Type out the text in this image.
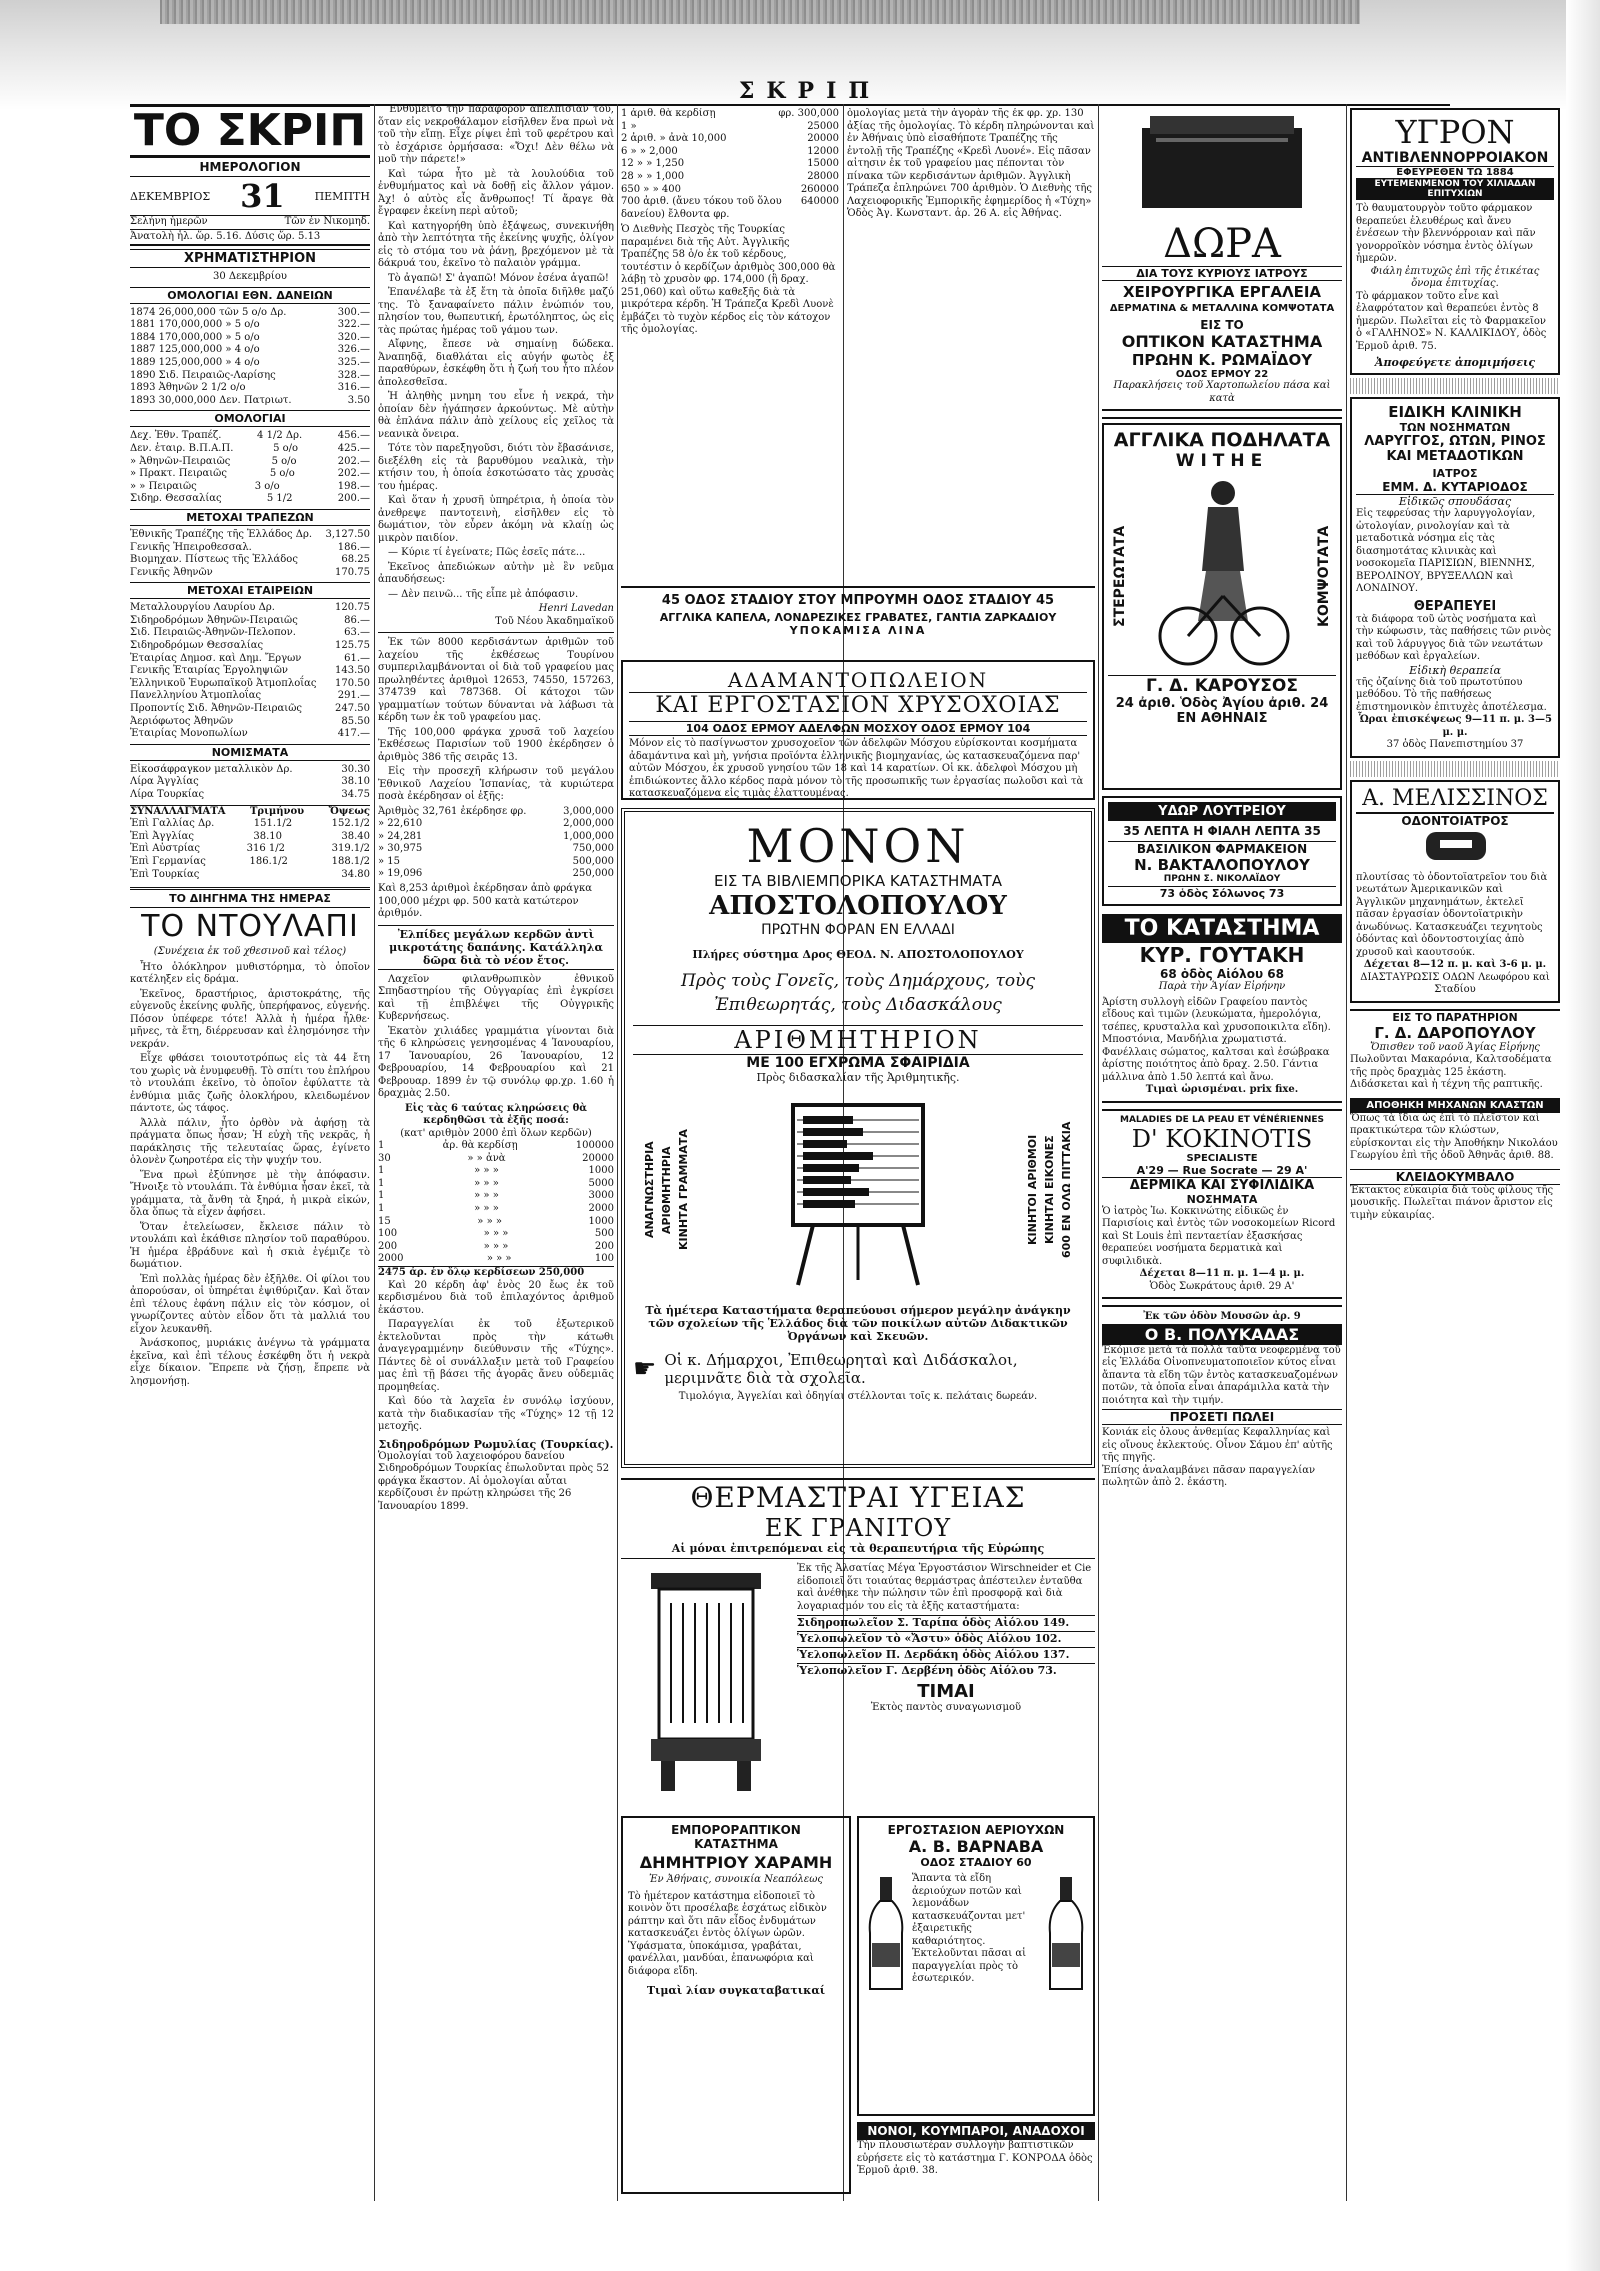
ΣΚΡΙΠ
ΤΟ ΣΚΡΙΠ
ΗΜΕΡΟΛΟΓΙΟΝ
ΔΕΚΕΜΒΡΙΟΣ 31	ΠΕΜΠΤΗ
Σελήνη ἡμερῶν	Τῶν ἐν Νικομηδ.
Ἀνατολὴ ἡλ. ὥρ. 5.16. Δύσις ὥρ. 5.13
ΧΡΗΜΑΤΙΣΤΗΡΙΟΝ
30 Δεκεμβρίου
ΟΜΟΛΟΓΙΑΙ ΕΘΝ. ΔΑΝΕΙΩΝ
1874 26,000,000 τῶν 5 ο/ο Δρ.	300.—
1881 170,000,000 » 5 ο/ο	322.—
1884 170,000,000 » 5 ο/ο	320.—
1887 125,000,000 » 4 ο/ο	326.—
1889 125,000,000 » 4 ο/ο	325.—
1890 Σιδ. Πειραιῶς-Λαρίσης	328.—
1893 Ἀθηνῶν 2 1/2 ο/ο	316.—
1893 30,000,000 Δεν. Πατριωτ.	3.50
ΟΜΟΛΟΓΙΑΙ
Δεχ. Ἐθν. Τραπέζ.	4 1/2 Δρ.	456.—
Δεν. ἑταιρ. Β.Π.Α.Π.	5 ο/ο	425.—
» Ἀθηνῶν-Πειραιῶς	5 ο/ο	202.—
» Πρακτ. Πειραιῶς	5 ο/ο	202.—
» » Πειραιῶς	3 ο/ο	198.—
Σιδηρ. Θεσσαλίας	5 1/2	200.—
ΜΕΤΟΧΑΙ ΤΡΑΠΕΖΩΝ
Ἐθνικῆς Τραπέζης τῆς Ἑλλάδος Δρ. 3,127.50
Γενικῆς Ἠπειροθεσσαλ.	186.—
Βιομηχαν. Πίστεως τῆς Ἑλλάδος	68.25
Γενικῆς Ἀθηνῶν	170.75
ΜΕΤΟΧΑΙ ΕΤΑΙΡΕΙΩΝ
Μεταλλουργίου Λαυρίου Δρ.	120.75
Σιδηροδρόμων Ἀθηνῶν-Πειραιῶς	86.—
Σιδ. Πειραιῶς-Ἀθηνῶν-Πελοπον.	63.—
Σιδηροδρόμων Θεσσαλίας	125.75
Ἐταιρίας Δημοσ. καὶ Δημ. Ἔργων	61.—
Γενικῆς Ἐταιρίας Ἐργοληψιῶν	143.50
Ἑλληνικοῦ Ἐυρωπαϊκοῦ Ἀτμοπλοΐας 170.50
Πανελληνίου Ἀτμοπλοΐας	291.—
Προποντίς Σιδ. Ἀθηνῶν-Πειραιῶς	247.50
Ἀεριόφωτος Ἀθηνῶν	85.50
Ἐταιρίας Μονοπωλίων	417.—
ΝΟΜΙΣΜΑΤΑ
Εἰκοσάφραγκον μεταλλικὸν Δρ.	30.30
Λίρα Ἀγγλίας	38.10
Λίρα Τουρκίας	34.75
ΣΥΝΑΛΛΑΓΜΑΤΑ Τριμήνου Ὄψεως
Ἐπὶ Γαλλίας Δρ.	151.1/2	152.1/2
Ἐπὶ Ἀγγλίας	38.10	38.40
Ἐπὶ Αὐστρίας	316 1/2	319.1/2
Ἐπὶ Γερμανίας	186.1/2	188.1/2
Ἐπὶ Τουρκίας	34.80
ΤΟ ΔΙΗΓΗΜΑ ΤΗΣ ΗΜΕΡΑΣ
ΤΟ ΝΤΟΥΛΑΠΙ
(Συνέχεια ἐκ τοῦ χθεσινοῦ καὶ τέλος)
Ἦτο ὁλόκληρον μυθιστόρημα, τὸ ὁποῖον κατέληξεν εἰς δράμα.
Ἐκεῖνος, δραστήριος, ἀριστοκράτης, τῆς εὐγενοῦς ἐκείνης φυλῆς, ὑπερήφανος, εὐγενής. Πόσον ὑπέφερε τότε! Ἀλλὰ ἡ ἡμέρα ἦλθε· μῆνες, τὰ ἔτη, διέρρευσαν καὶ ἐλησμόνησε τὴν νεκράν.
Εἶχε φθάσει τοιουτοτρόπως εἰς τὰ 44 ἔτη του χωρὶς νὰ ἐνυμφευθῇ. Τὸ σπίτι του ἐπλήρου τὸ ντουλάπι ἐκεῖνο, τὸ ὁποῖον ἐφύλαττε τὰ ἐνθύμια μιᾶς ζωῆς ὁλοκλήρου, κλειδωμένον πάντοτε, ὡς τάφος.
Ἀλλὰ πάλιν, ἦτο ὀρθὸν νὰ ἀφήσῃ τὰ πράγματα ὅπως ἦσαν; Ἡ εὐχὴ τῆς νεκρᾶς, ἡ παράκλησις τῆς τελευταίας ὥρας, ἐγίνετο ὁλονὲν ζωηροτέρα εἰς τὴν ψυχήν του.
Ἕνα πρωὶ ἐξύπνησε μὲ τὴν ἀπόφασιν. Ἤνοιξε τὸ ντουλάπι. Τὰ ἐνθύμια ἦσαν ἐκεῖ, τὰ γράμματα, τὰ ἄνθη τὰ ξηρά, ἡ μικρὰ εἰκών, ὅλα ὅπως τὰ εἶχεν ἀφήσει.
Ὅταν ἐτελείωσεν, ἔκλεισε πάλιν τὸ ντουλάπι καὶ ἐκάθισε πλησίον τοῦ παραθύρου. Ἡ ἡμέρα ἐβράδυνε καὶ ἡ σκιὰ ἐγέμιζε τὸ δωμάτιον.
Ἐπὶ πολλὰς ἡμέρας δὲν ἐξῆλθε. Οἱ φίλοι του ἀπορούσαν, οἱ ὑπηρέται ἐψιθύριζαν. Καὶ ὅταν ἐπὶ τέλους ἐφάνη πάλιν εἰς τὸν κόσμον, οἱ γνωρίζοντες αὐτὸν εἶδον ὅτι τὰ μαλλιά του εἶχον λευκανθῆ.
Ἀνάσκοπος, μυριάκις ἀνέγνω τὰ γράμματα ἐκεῖνα, καὶ ἐπὶ τέλους ἐσκέφθη ὅτι ἡ νεκρὰ εἶχε δίκαιον. Ἔπρεπε νὰ ζήσῃ, ἔπρεπε νὰ λησμονήσῃ.
Ἐνθυμεῖτο τὴν παράφορον ἀπελπισίαν του, ὅταν εἰς νεκροθάλαμον εἰσῆλθεν ἕνα πρωὶ νὰ τοῦ τὴν εἴπῃ. Εἶχε ρίψει ἐπὶ τοῦ φερέτρου καὶ τὸ ἐσχάρισε ὁρμήσασα: «Ὄχι! Δὲν θέλω νὰ μοῦ τὴν πάρετε!»
Καὶ τώρα ἦτο μὲ τὰ λουλούδια τοῦ ἐνθυμήματος καὶ νὰ δοθῇ εἰς ἄλλον γάμον. Ἀχ! ὁ αὐτὸς εἶς ἄνθρωπος! Τί ἄραγε θὰ ἔγραφεν ἐκείνη περὶ αὐτοῦ;
Καὶ κατηγορήθη ὑπὸ ἐξάψεως, συνεκινήθη ἀπὸ τὴν λεπτότητα τῆς ἐκείνης ψυχῆς, ὀλίγον εἰς τὸ στόμα του νὰ ῥάνῃ, βρεχόμενον μὲ τὰ δάκρυά του, ἐκεῖνο τὸ παλαιὸν γράμμα.
Τὸ ἀγαπῶ! Σ' ἀγαπῶ! Μόνον ἐσένα ἀγαπῶ!
Ἐπανέλαβε τὰ ἐξ ἔτη τὰ ὁποῖα διῆλθε μαζύ της. Τὸ ξαναφαίνετο πάλιν ἐνώπιόν του, πλησίον του, θωπευτική, ἐρωτόληπτος, ὡς εἰς τὰς πρώτας ἡμέρας τοῦ γάμου των.
Αἴφνης, ἔπεσε νὰ σημαίνῃ δώδεκα. Ἀναπηδᾷ, διαθλάται εἰς αὐγήν φωτὸς ἐξ παραθύρων, ἐσκέφθη ὅτι ἡ ζωή του ἦτο πλέον ἀπολεσθεῖσα.
Ἡ ἀληθὴς μνημη του εἶνε ἡ νεκρά, τὴν ὁποίαν δὲν ἠγάπησεν ἀρκούντως. Μὲ αὐτὴν θὰ ἐπλάνα πάλιν ἀπὸ χείλους εἰς χεῖλος τὰ νεανικὰ ὄνειρα.
Τότε τὸν παρεξηγοῦσι, διότι τὸν ἔβασάνισε, διεξέλθη εἰς τὰ βαρυθύμου νεαλικὰ, τὴν κτήσιν του, ἡ ὁποία ἐσκοτώσατο τὰς χρυσὰς του ἡμέρας.
Καὶ ὅταν ἡ χρυσῆ ὑπηρέτρια, ἡ ὁποία τὸν ἀνεθρεψε παντοτεινὴ, εἰσῆλθεν εἰς τὸ δωμάτιον, τὸν εὗρεν ἀκόμη νὰ κλαίῃ ὡς μικρὸν παιδίον.
— Κύριε τί ἐγείνατε; Πῶς ἐσεῖς πάτε...
Ἐκεῖνος ἀπεδιώκων αὐτὴν μὲ ἓν νεῦμα ἀπαυδήσεως:
— Δὲν πεινῶ... τῆς εἶπε μὲ ἀπόφασιν.
Henri Lavedan
Τοῦ Νέου Ἀκαδημαϊκοῦ
Ἐκ τῶν 8000 κερδισάντων ἀριθμῶν τοῦ λαχείου τῆς ἐκθέσεως Τουρίνου συμπεριλαμβάνονται οἱ διὰ τοῦ γραφείου μας πρωληθέντες ἀριθμοὶ 12653, 74550, 157263, 374739 καὶ 787368. Οἱ κάτοχοι τῶν γραμματίων τούτων δύνανται νὰ λάβωσι τὰ κέρδη των ἐκ τοῦ γραφείου μας.
Τῆς 100,000 φράγκα χρυσᾶ τοῦ λαχείου Ἐκθέσεως Παρισίων τοῦ 1900 ἐκέρδησεν ὁ ἀριθμὸς 386 τῆς σειρᾶς 13.
Εἰς τὴν προσεχῆ κλήρωσιν τοῦ μεγάλου Ἐθνικοῦ Λαχείου Ἰσπανίας, τὰ κυριώτερα ποσὰ ἐκέρδησαν οἱ ἑξῆς:
Ἀριθμὸς 32,761 ἐκέρδησε φρ.	3,000,000
» 22,610	2,000,000
» 24,281	1,000,000
» 30,975	750,000
» 15	500,000
» 19,096	250,000
Καὶ 8,253 ἀριθμοὶ ἐκέρδησαν ἀπὸ φράγκα 100,000 μέχρι φρ. 500 κατὰ κατώτερον ἀριθμόν.
Ἐλπίδες μεγάλων κερδῶν ἀντὶ μικροτάτης δαπάνης. Κατάλληλα δῶρα διὰ τὸ νέον ἔτος.
Λαχεῖον φιλανθρωπικὸν ἐθνικοῦ Σπηδαστηρίου τῆς Οὐγγαρίας ἐπὶ ἐγκρίσει καὶ τῇ ἐπιβλέψει τῆς Οὐγγρικῆς Κυβερνήσεως.
Ἑκατὸν χιλιάδες γραμμάτια γίνονται διὰ τῆς 6 κληρώσεις γενησομένας 4 Ἰανουαρίου, 17 Ἰανουαρίου, 26 Ἰανουαρίου, 12 Φεβρουαρίου, 14 Φεβρουαρίου καὶ 21 Φεβρουαρ. 1899 ἐν τῷ συνόλῳ φρ.χρ. 1.60 ἡ δραχμὰς 2.50.
Εἰς τὰς 6 ταύτας κληρώσεις θὰ κερδηθῶσι τὰ ἑξῆς ποσά:
(κατ' αριθμὸν 2000 ἐπὶ ὅλων κερδῶν)
1	ἀρ. θὰ κερδίσῃ	100000
30	» » ἀνὰ	20000
1	» » »	1000
1	» » »	5000
1	» » »	3000
1	» » »	2000
15	» » »	1000
100	» » »	500
200	» » »	200
2000	» » »	100
2475 ἀρ. ἐν ὅλῳ κερδίσεων 250,000
Καὶ 20 κέρδη ἀφ' ἑνὸς 20 ἔως ἐκ τοῦ κερδισμένου διὰ τοῦ ἐπιλαχόντος ἀριθμοῦ ἐκάστου.
Παραγγελίαι ἐκ τοῦ ἐξωτερικοῦ ἐκτελοῦνται πρὸς τὴν κάτωθι ἀναγεγραμμένην διεύθυνσιν τῆς «Τύχης». Πάντες δὲ οἱ συνάλλαξιν μετὰ τοῦ Γραφείου μας ἐπὶ τῇ βάσει τῆς ἀγορᾶς ἄνευ οὐδεμιᾶς προμηθείας.
Καὶ δύο τὰ λαχεῖα ἐν συνόλῳ ἰσχύουν, κατὰ τὴν διαδικασίαν τῆς «Τύχης» 12 τῇ 12 μετοχῆς.
Σιδηροδρόμων Ρωμυλίας (Τουρκίας).
Ὁμολογίαι τοῦ λαχειοφόρου δανείου Σιδηροδρόμων Τουρκίας ἐπωλοῦνται πρὸς 52 φράγκα ἕκαστον. Αἱ ὁμολογίαι αὗται κερδίζουσι ἐν πρώτῃ κληρώσει τῆς 26 Ἰανουαρίου 1899.
1 ἀριθ. θὰ κερδίσῃ	φρ. 300,000
1 »	25000
2 ἀριθ. » ἀνὰ 10,000	20000
6 » » 2,000	12000
12 » » 1,250	15000
28 » » 1,000	28000
650 » » 400	260000
700 ἀριθ. (ἄνευ τόκου τοῦ ὅλου δανείου) ἔλθοντα φρ.
640000
Ὁ Διεθνὴς Πεσχὸς τῆς Τουρκίας παραμένει διὰ τῆς Αὐτ. Ἀγγλικῆς Τραπέζης 58 ὁ/ο ἐκ τοῦ κέρδους, τουτέστιν ὁ κερδίζων ἀριθμὸς 300,000 θὰ λάβῃ τὸ χρυσὸν φρ. 174,000 (ἢ δραχ. 251,060) καὶ οὕτω καθεξῆς διὰ τὰ μικρότερα κέρδη. Ἡ Τράπεζα Κρεδὶ Λυονὲ ἐμβάζει τὸ τυχὸν κέρδος εἰς τὸν κάτοχον τῆς ὁμολογίας.
ὁμολογίας μετὰ τὴν ἀγορὰν τῆς ἐκ φρ. χρ. 130 ἀξίας τῆς ὁμολογίας. Τὸ κέρδη πληρώνονται καὶ ἐν Ἀθήναις ὑπὸ εἰσαθήποτε Τραπέζης τῆς ἐντολῇ τῆς Τραπέζης «Κρεδὶ Λυονέ». Εἰς πᾶσαν αἰτησιν ἐκ τοῦ γραφείου μας πέπονται τὸν πίνακα τῶν κερδισάντων ἀριθμῶν. Ἀγγλικὴ Τράπεζα ἐπληρώνει 700 ἀριθμὸν. Ὁ Διεθνὴς τῆς Λαχειοφορικῆς Ἐμπορικῆς ἐφημερίδος ἡ «Τύχη» Ὁδὸς Ἀγ. Κωνσταντ. ἀρ. 26 Α. εἰς Ἀθήνας.
45 ΟΔΟΣ ΣΤΑΔΙΟΥ ΣΤΟΥ ΜΠΡΟΥΜΗ ΟΔΟΣ ΣΤΑΔΙΟΥ 45
ΑΓΓΛΙΚΑ ΚΑΠΕΛΑ, ΛΟΝΔΡΕΖΙΚΕΣ ΓΡΑΒΑΤΕΣ, ΓΑΝΤΙΑ ΖΑΡΚΑΔΙΟΥ
ΥΠΟΚΑΜΙΣΑ ΛΙΝΑ
ΑΔΑΜΑΝΤΟΠΩΛΕΙΟΝ
ΚΑΙ ΕΡΓΟΣΤΑΣΙΟΝ ΧΡΥΣΟΧΟΙΑΣ
104 ΟΔΟΣ ΕΡΜΟΥ ΑΔΕΛΦΩΝ ΜΟΣΧΟΥ ΟΔΟΣ ΕΡΜΟΥ 104
Μόνον εἰς τὸ πασίγνωστον χρυσοχοεῖον τῶν ἀδελφῶν Μόσχου εὑρίσκονται κοσμήματα ἀδαμάντινα καὶ μὴ, γνήσια προϊόντα ἑλληνικῆς βιομηχανίας, ὡς κατασκευαζόμενα παρ' αὐτῶν Μόσχου, ἐκ χρυσοῦ γνησίου τῶν 18 καὶ 14 καρατίων. Οἱ κκ. ἀδελφοὶ Μόσχου μὴ ἐπιδιώκοντες ἄλλο κέρδος παρὰ μόνον τὸ τῆς προσωπικῆς των ἐργασίας πωλοῦσι καὶ τὰ κατασκευαζόμενα εἰς τιμὰς ἐλαττουμένας.
ΜΟΝΟΝ
ΕΙΣ ΤΑ ΒΙΒΛΙΕΜΠΟΡΙΚΑ ΚΑΤΑΣΤΗΜΑΤΑ
ΑΠΟΣΤΟΛΟΠΟΥΛΟΥ
ΠΡΩΤΗΝ ΦΟΡΑΝ ΕΝ ΕΛΛΑΔΙ
Πλήρες σύστημα Δρος ΘΕΟΔ. Ν. ΑΠΟΣΤΟΛΟΠΟΥΛΟΥ
Πρὸς τοὺς Γονεῖς, τοὺς Δημάρχους, τοὺς Ἐπιθεωρητάς, τοὺς Διδασκάλους
ΑΡΙΘΜΗΤΗΡΙΟΝ
ΜΕ 100 ΕΓΧΡΩΜΑ ΣΦΑΙΡΙΔΙΑ
Πρὸς διδασκαλίαν τῆς Ἀριθμητικῆς.
ΑΝΑΓΝΩΣΤΗΡΙΑ ΑΡΙΘΜΗΤΗΡΙΑ ΚΙΝΗΤΑ ΓΡΑΜΜΑΤΑ	ΚΙΝΗΤΟΙ ΑΡΙΘΜΟΙ ΚΙΝΗΤΑΙ ΕΙΚΟΝΕΣ 600 ΕΝ ΟΛΩ ΠΙΤΤΑΚΙΑ
Τὰ ἡμέτερα Καταστήματα θεραπεύουσι σήμερον μεγάλην ἀνάγκην τῶν σχολείων τῆς Ἑλλάδος διὰ τῶν ποικίλων αὐτῶν Διδακτικῶν Ὀργάνων καὶ Σκευῶν.
☛ Οἱ κ. Δήμαρχοι, Ἐπιθεωρηταὶ καὶ Διδάσκαλοι, μεριμνᾶτε διὰ τὰ σχολεῖα.
Τιμολόγια, Ἀγγελίαι καὶ ὁδηγίαι στέλλονται τοῖς κ. πελάταις δωρεάν.
ΘΕΡΜΑΣΤΡΑΙ ΥΓΕΙΑΣ
ΕΚ ΓΡΑΝΙΤΟΥ
Αἱ μόναι ἐπιτρεπόμεναι εἰς τὰ θεραπευτήρια τῆς Εὐρώπης
Ἐκ τῆς Ἀλσατίας Μέγα Ἐργοστάσιον Wirschneider et Cie εἰδοποιεῖ ὅτι τοιαύτας θερμάστρας ἀπέστειλεν ἐνταῦθα καὶ ἀνέθηκε τὴν πώλησιν τῶν ἐπὶ προσφορᾷ καὶ διὰ λογαριασμόν του εἰς τὰ ἑξῆς καταστήματα:
Σιδηροπωλεῖον Σ. Ταρίπα ὁδὸς Αἰόλου 149.
Ὑελοπωλεῖον τὸ «Ἄστυ» ὁδὸς Αἰόλου 102.
Ὑελοπωλεῖον Π. Δερδάκη ὁδὸς Αἰόλου 137.
Ὑελοπωλεῖον Γ. Δερβένη ὁδὸς Αἰόλου 73.
ΤΙΜΑΙ
Ἐκτὸς παντὸς συναγωνισμοῦ
ΕΜΠΟΡΟΡΑΠΤΙΚΟΝ ΚΑΤΑΣΤΗΜΑ
ΔΗΜΗΤΡΙΟΥ ΧΑΡΑΜΗ
Ἐν Ἀθήναις, συνοικία Νεαπόλεως
Τὸ ἡμέτερον κατάστημα εἰδοποιεῖ τὸ κοινὸν ὅτι προσέλαβε ἐσχάτως εἰδικὸν ράπτην καὶ ὅτι πᾶν εἶδος ἐνδυμάτων κατασκευάζει ἐντὸς ὀλίγων ὡρῶν. Ὑφάσματα, ὑποκάμισα, γραβάται, φανέλλαι, μανδύαι, ἐπανωφόρια καὶ διάφορα εἴδη.
Τιμαὶ λίαν συγκαταβατικαί
ΕΡΓΟΣΤΑΣΙΟΝ ΑΕΡΙΟΥΧΩΝ
Α. Β. ΒΑΡΝΑΒΑ
ΟΔΟΣ ΣΤΑΔΙΟΥ 60
Ἅπαντα τὰ εἴδη ἀεριούχων ποτῶν καὶ λεμονάδων κατασκευάζονται μετ' ἐξαιρετικῆς καθαριότητος. Ἐκτελοῦνται πᾶσαι αἱ παραγγελίαι πρὸς τὸ ἐσωτερικόν.
ΝΟΝΟΙ, ΚΟΥΜΠΑΡΟΙ, ΑΝΑΔΟΧΟΙ
Τὴν πλουσιωτέραν συλλογὴν βαπτιστικῶν εὑρήσετε εἰς τὸ κατάστημα Γ. ΚΟΝΡΟΔΑ ὁδὸς Ἑρμοῦ ἀριθ. 38.
ΔΩΡΑ
ΔΙΑ ΤΟΥΣ ΚΥΡΙΟΥΣ ΙΑΤΡΟΥΣ
ΧΕΙΡΟΥΡΓΙΚΑ ΕΡΓΑΛΕΙΑ
ΔΕΡΜΑΤΙΝΑ & ΜΕΤΑΛΛΙΝΑ ΚΟΜΨΟΤΑΤΑ
ΕΙΣ ΤΟ
ΟΠΤΙΚΟΝ ΚΑΤΑΣΤΗΜΑ
ΠΡΩΗΝ Κ. ΡΩΜΑΪΔΟΥ
ΟΔΟΣ ΕΡΜΟΥ 22
Παρακλήσεις τοῦ Χαρτοπωλείου πάσα καὶ κατὰ
ΑΓΓΛΙΚΑ ΠΟΔΗΛΑΤΑ
WITHE
ΣΤΕΡΕΩΤΑΤΑ	ΚΟΜΨΟΤΑΤΑ
Γ. Δ. ΚΑΡΟΥΣΟΣ
24 ἀριθ. Ὁδὸς Ἀγίου ἀριθ. 24
ΕΝ ΑΘΗΝΑΙΣ
ΥΔΩΡ ΛΟΥΤΡΕΙΟΥ
35 ΛΕΠΤΑ Η ΦΙΑΛΗ ΛΕΠΤΑ 35
ΒΑΣΙΛΙΚΟΝ ΦΑΡΜΑΚΕΙΟΝ
Ν. ΒΑΚΤΑΛΟΠΟΥΛΟΥ
ΠΡΩΗΝ Σ. ΝΙΚΟΛΑΪΔΟΥ
73 ὁδὸς Σόλωνος 73
ΤΟ ΚΑΤΑΣΤΗΜΑ
ΚΥΡ. ΓΟΥΤΑΚΗ
68 ὁδὸς Αἰόλου 68
Παρὰ τὴν Ἁγίαν Εἰρήνην
Ἀρίστη συλλογὴ εἰδῶν Γραφείου παντὸς εἴδους καὶ τιμῶν (λευκώματα, ἡμερολόγια, τσέπες, κρυσταλλα καὶ χρυσοποικιλτα εἴδη). Μποστόνια, Μανδήλια χρωματιστά. Φανέλλαις σώματος, καλτσαι καὶ ἐσώβρακα ἀρίστης ποιότητος ἀπὸ δραχ. 2.50. Γάντια μάλλινα ἀπὸ 1.50 λεπτά καὶ ἄνω.
Τιμαὶ ὡρισμέναι. prix fixe.
MALADIES DE LA PEAU ET VÉNÉRIENNES
D' KOKINOTIS
SPECIALISTE
Α'29 — Rue Socrate — 29 Α'
ΔΕΡΜΙΚΑ ΚΑΙ ΣΥΦΙΛΙΔΙΚΑ
ΝΟΣΗΜΑΤΑ
Ὁ ἰατρὸς Ἰω. Κοκκινώτης εἰδικῶς ἐν Παρισίοις καὶ ἐντὸς τῶν νοσοκομείων Ricord καὶ St Louis ἐπὶ πενταετίαν ἐξασκήσας θεραπεύει νοσήματα δερματικὰ καὶ συφιλιδικὰ.
Δέχεται 8—11 π. μ. 1—4 μ. μ.
Ὁδὸς Σωκράτους ἀριθ. 29 Α'
Ἐκ τῶν ὁδὸν Μουσῶν ἀρ. 9
Ο Β. ΠΟΛΥΚΑΔΑΣ
Ἐκόμισε μετὰ τὰ πολλὰ ταῦτα νεοφερμένα τοῦ εἰς Ἑλλάδα Οἰνοπνευματοποιεῖον κύτος εἶναι ἄπαντα τὰ εἴδη τῶν ἐντὸς κατασκευαζομένων ποτῶν, τὰ ὁποῖα εἶναι ἀπαράμιλλα κατὰ τὴν ποιότητα καὶ τὴν τιμήν.
ΠΡΟΣΕΤΙ ΠΩΛΕΙ
Κονιάκ εἰς ὁλους ἀνθεμίας Κεφαλληνίας καὶ εἰς οἴνους ἐκλεκτούς. Οἶνον Σάμου ἐπ' αὐτῆς τῆς πηγῆς.
Ἐπίσης ἀναλαμβάνει πᾶσαν παραγγελίαν πωλητῶν ἀπὸ 2. ἐκάστη.
ΥΓΡΟΝ
ΑΝΤΙΒΛΕΝΝΟΡΡΟΙΑΚΟΝ
ΕΦΕΥΡΕΘΕΝ ΤΩ 1884
ΕΥΤΕΜΕΝΜΕΝΟΝ ΤΟΥ ΧΙΛΙΑΔΑΝ ΕΠΙΤΥΧΙΩΝ
Τὸ θαυματουργὸν τοῦτο φάρμακον θεραπεύει ἐλευθέρως καὶ ἄνευ ἐνέσεων τὴν βλεννόρροιαν καὶ πᾶν γονορροϊκὸν νόσημα ἐντὸς ὀλίγων ἡμερῶν.
Φιάλη ἐπιτυχῶς ἐπὶ τῆς ἐτικέτας ὄνομα ἐπιτυχίας.
Τὸ φάρμακον τοῦτο εἶνε καὶ ἐλαφρότατον καὶ θεραπεύει ἐντὸς 8 ἡμερῶν. Πωλεῖται εἰς τὸ Φαρμακεῖον ὁ «ΓΑΛΗΝΟΣ» Ν. ΚΑΛΛΙΚΙΔΟΥ, ὁδὸς Ἑρμοῦ ἀριθ. 75.
Ἀποφεύγετε ἀπομιμήσεις
ΕΙΔΙΚΗ ΚΛΙΝΙΚΗ
ΤΩΝ ΝΟΣΗΜΑΤΩΝ
ΛΑΡΥΓΓΟΣ, ΩΤΩΝ, ΡΙΝΟΣ
ΚΑΙ ΜΕΤΑΔΟΤΙΚΩΝ
ΙΑΤΡΟΣ
ΕΜΜ. Δ. ΚΥΤΑΡΙΟΔΟΣ
Εἰδικῶς σπουδάσας
Εἰς τεφρεύσας τὴν λαρυγγολογίαν, ὠτολογίαν, ρινολογίαν καὶ τὰ μεταδοτικὰ νόσημα εἰς τὰς διασημοτάτας κλινικὰς καὶ νοσοκομεῖα ΠΑΡΙΣΙΩΝ, ΒΙΕΝΝΗΣ, ΒΕΡΟΛΙΝΟΥ, ΒΡΥΞΕΛΛΩΝ καὶ ΛΟΝΔΙΝΟΥ.
ΘΕΡΑΠΕΥΕΙ
τὰ διάφορα τοῦ ὠτὸς νοσήματα καὶ τὴν κώφωσιν, τὰς παθήσεις τῶν ρινὸς καὶ τοῦ λάρυγγος διὰ τῶν νεωτάτων μεθόδων καὶ ἐργαλείων.
Εἰδικὴ θεραπεία
τῆς ὀζαίνης διὰ τοῦ πρωτοτύπου μεθόδου. Τὸ τῆς παθήσεως ἐπιστημονικὸν ἐπιτυχὲς ἀποτέλεσμα.
Ὧραι ἐπισκέψεως 9—11 π. μ. 3—5 μ. μ.
37 ὁδὸς Πανεπιστημίου 37
Α. ΜΕΛΙΣΣΙΝΟΣ
ΟΔΟΝΤΟΙΑΤΡΟΣ
πλουτίσας τὸ ὀδοντοϊατρεῖον του διὰ νεωτάτων Ἀμερικανικῶν καὶ Ἀγγλικῶν μηχανημάτων, ἐκτελεῖ πᾶσαν ἐργασίαν ὀδοντοϊατρικὴν ἀνωδύνως. Κατασκευάζει τεχνητοὺς ὀδόντας καὶ ὀδοντοστοιχίας ἀπὸ χρυσοῦ καὶ καουτσούκ.
Δέχεται 8—12 π. μ. καὶ 3-6 μ. μ.
ΔΙΑΣΤΑΥΡΩΣΙΣ ΟΔΩΝ Λεωφόρου καὶ Σταδίου
ΕΙΣ ΤΟ ΠΑΡΑΤΗΡΙΟΝ
Γ. Δ. ΔΑΡΟΠΟΥΛΟΥ
Ὄπισθεν τοῦ ναοῦ Ἁγίας Εἰρήνης
Πωλοῦνται Μακαρόνια, Καλτσοδέματα τῆς πρὸς δραχμὰς 125 ἑκάστη. Διδάσκεται καὶ ἡ τέχνη τῆς ραπτικῆς.
ΑΠΟΘΗΚΗ ΜΗΧΑΝΩΝ ΚΛΑΣΤΩΝ
Ὅπως τὰ ἴδια ὡς ἐπὶ τὸ πλεῖστον καὶ πρακτικώτερα τῶν κλώστων, εὑρίσκονται εἰς τὴν Ἀποθήκην Νικολάου Γεωργίου ἐπὶ τῆς ὁδοῦ Ἀθηνᾶς ἀριθ. 88.
ΚΛΕΙΔΟΚΥΜΒΑΛΟ
Ἐκτακτος εὐκαιρία διὰ τοὺς φίλους τῆς μουσικῆς. Πωλεῖται πιάνον ἄριστον εἰς τιμὴν εὐκαιρίας.
